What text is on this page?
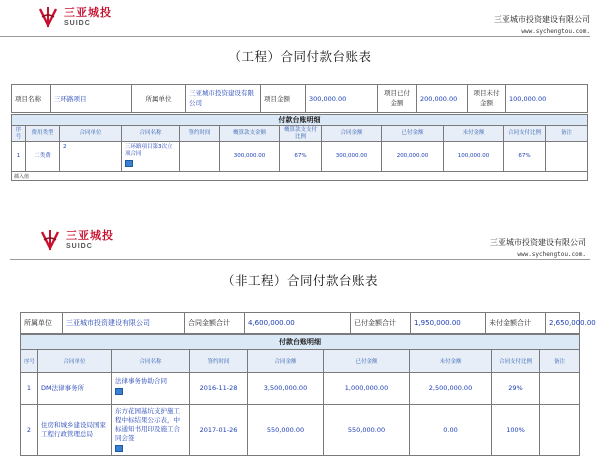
三亚城投
SUIDC	三亚城市投资建设有限公司
www.sychengtou.com.
（工程）合同付款台账表
项目名称	三环路项目	所属单位	三亚城市投资建设有限公司	项目金额	300,000.00	项目已付金额	200,000.00	项目未付金额	100,000.00
付款台账明细											
序号	费用类型	合同单位	合同名称	签约时间	概算款支金额	概算款支支付比例	合同金额	已付金额	未付金额	合同支付比例	备注
1	二类费	2	三环路项目第3次立项合同		300,000.00	67%	300,000.00	200,000.00	100,000.00	67%	
插入值											
三亚城投
SUIDC	三亚城市投资建设有限公司
www.sychengtou.com.
（非工程）合同付款台账表
所属单位	三亚城市投资建设有限公司	合同金额合计	4,600,000.00	已付金额合计	1,950,000.00	未付金额合计	2,650,000.00
付款台账明细								
序号	合同单位	合同名称	签约时间	合同金额	已付金额	未付金额	合同支付比例	备注
1	DM法律事务所	法律事务协助合同	2016-11-28	3,500,000.00	1,000,000.00	2,500,000.00	29%	
2	住房和城乡建设局国家工程行政管理总局	东方花园基坑支护施工程中标结果公示表，中标通知书用印及施工合同会签	2017-01-26	550,000.00	550,000.00	0.00	100%	
